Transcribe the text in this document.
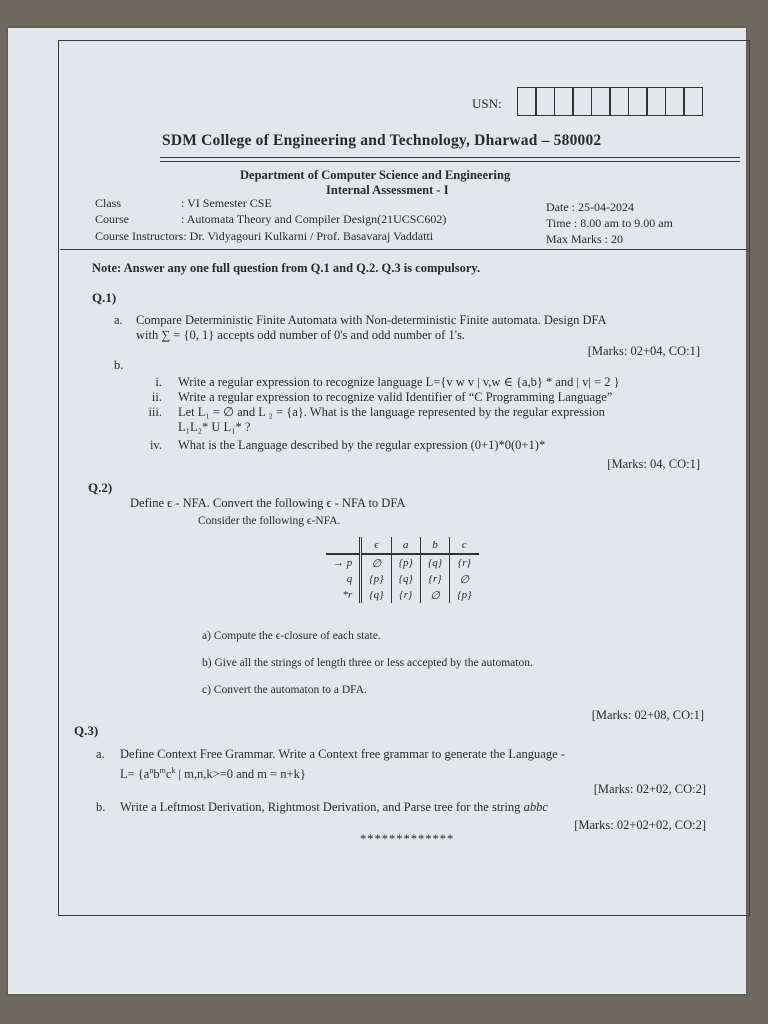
USN:
SDM College of Engineering and Technology, Dharwad – 580002
Department of Computer Science and Engineering
Internal Assessment - I
Class	: VI Semester CSE
Course	: Automata Theory and Compiler Design(21UCSC602)
Course Instructors: Dr. Vidyagouri Kulkarni / Prof. Basavaraj Vaddatti
Date : 25-04-2024
Time : 8.00 am to 9.00 am
Max Marks : 20
Note: Answer any one full question from Q.1 and Q.2. Q.3 is compulsory.
Q.1)
a. Compare Deterministic Finite Automata with Non-deterministic Finite automata. Design DFA
with ∑ = {0, 1} accepts odd number of 0's and odd number of 1's.
[Marks: 02+04, CO:1]
b.
i. Write a regular expression to recognize language L={v w v | v,w ∈ {a,b} * and | v| = 2 }
ii. Write a regular expression to recognize valid Identifier of “C Programming Language”
iii. Let L₁ = ∅ and L ₂ = {a}. What is the language represented by the regular expression
L₁L₂* U L₁* ?
iv. What is the Language described by the regular expression (0+1)*0(0+1)*
[Marks: 04, CO:1]
Q.2)
Define ϵ - NFA. Convert the following ϵ - NFA to DFA
Consider the following ϵ-NFA.
	ϵ	a	b	c
→ p	∅	{p}	{q}	{r}
q	{p}	{q}	{r}	∅
*r	{q}	{r}	∅	{p}
a) Compute the ϵ-closure of each state.
b) Give all the strings of length three or less accepted by the automaton.
c) Convert the automaton to a DFA.
[Marks: 02+08, CO:1]
Q.3)
a. Define Context Free Grammar. Write a Context free grammar to generate the Language -
$L= \{a^nb^mc^k$ | m,n,k>=0 and m = n+k}
[Marks: 02+02, CO:2]
b. Write a Leftmost Derivation, Rightmost Derivation, and Parse tree for the string abbc
[Marks: 02+02+02, CO:2]
*************
